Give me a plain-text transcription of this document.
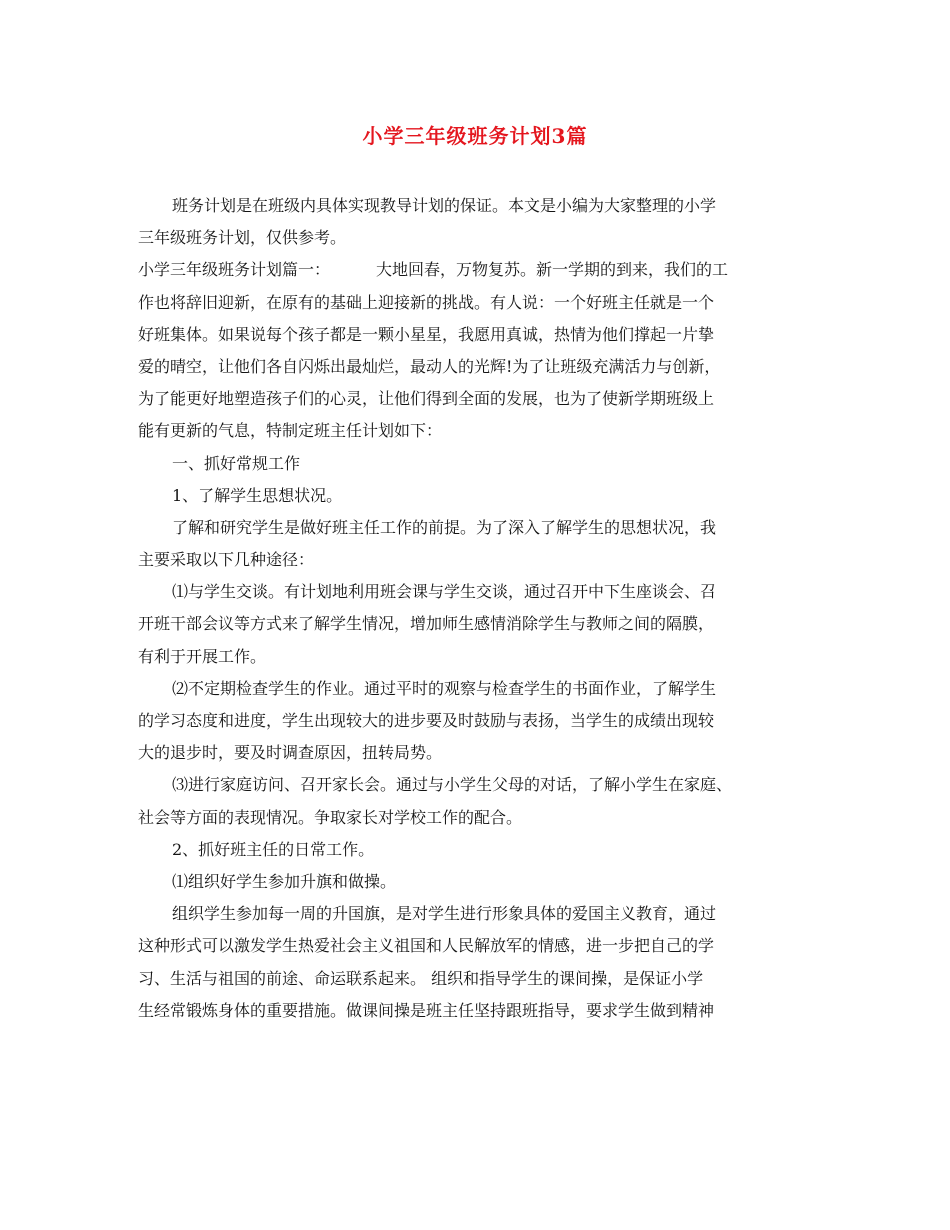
小学三年级班务计划3篇
班务计划是在班级内具体实现教导计划的保证。本文是小编为大家整理的小学
三年级班务计划，仅供参考。
小学三年级班务计划篇一：	大地回春，万物复苏。新一学期的到来，我们的工
作也将辞旧迎新，在原有的基础上迎接新的挑战。有人说：一个好班主任就是一个
好班集体。如果说每个孩子都是一颗小星星，我愿用真诚，热情为他们撑起一片挚
爱的晴空，让他们各自闪烁出最灿烂，最动人的光辉!为了让班级充满活力与创新，
为了能更好地塑造孩子们的心灵，让他们得到全面的发展，也为了使新学期班级上
能有更新的气息，特制定班主任计划如下：
一、抓好常规工作
1、了解学生思想状况。
了解和研究学生是做好班主任工作的前提。为了深入了解学生的思想状况，我
主要采取以下几种途径：
⑴与学生交谈。有计划地利用班会课与学生交谈，通过召开中下生座谈会、召
开班干部会议等方式来了解学生情况，增加师生感情消除学生与教师之间的隔膜，
有利于开展工作。
⑵不定期检查学生的作业。通过平时的观察与检查学生的书面作业，了解学生
的学习态度和进度，学生出现较大的进步要及时鼓励与表扬，当学生的成绩出现较
大的退步时，要及时调查原因，扭转局势。
⑶进行家庭访问、召开家长会。通过与小学生父母的对话，了解小学生在家庭、
社会等方面的表现情况。争取家长对学校工作的配合。
2、抓好班主任的日常工作。
⑴组织好学生参加升旗和做操。
组织学生参加每一周的升国旗，是对学生进行形象具体的爱国主义教育，通过
这种形式可以激发学生热爱社会主义祖国和人民解放军的情感，进一步把自己的学
习、生活与祖国的前途、命运联系起来。 组织和指导学生的课间操，是保证小学
生经常锻炼身体的重要措施。做课间操是班主任坚持跟班指导，要求学生做到精神
